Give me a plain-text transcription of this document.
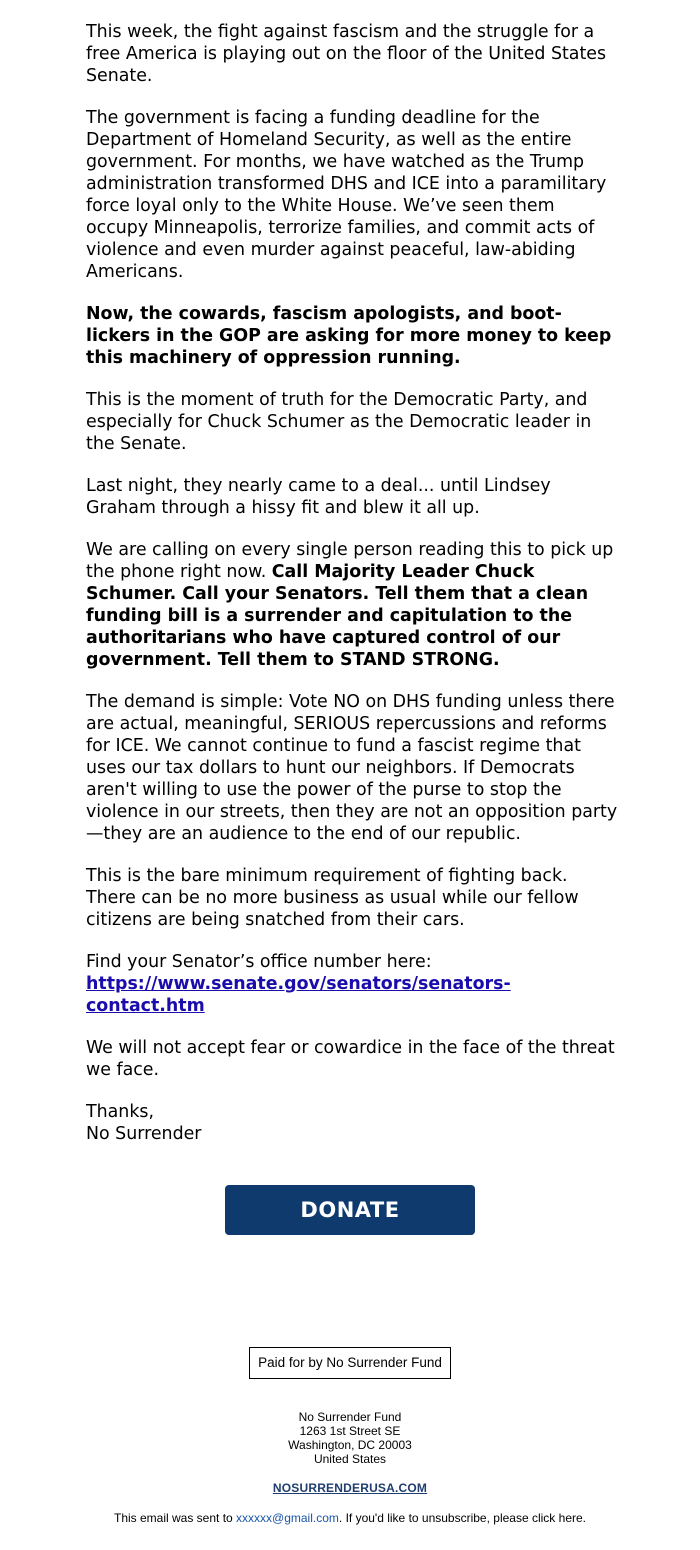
This week, the fight against fascism and the struggle for a free America is playing out on the floor of the United States Senate.

The government is facing a funding deadline for the Department of Homeland Security, as well as the entire government. For months, we have watched as the Trump administration transformed DHS and ICE into a paramilitary force loyal only to the White House. We’ve seen them occupy Minneapolis, terrorize families, and commit acts of violence and even murder against peaceful, law-abiding Americans.

Now, the cowards, fascism apologists, and boot-lickers in the GOP are asking for more money to keep this machinery of oppression running.

This is the moment of truth for the Democratic Party, and especially for Chuck Schumer as the Democratic leader in the Senate.

Last night, they nearly came to a deal... until Lindsey Graham through a hissy fit and blew it all up.

We are calling on every single person reading this to pick up the phone right now. Call Majority Leader Chuck Schumer. Call your Senators. Tell them that a clean funding bill is a surrender and capitulation to the authoritarians who have captured control of our government. Tell them to STAND STRONG.

The demand is simple: Vote NO on DHS funding unless there are actual, meaningful, SERIOUS repercussions and reforms for ICE. We cannot continue to fund a fascist regime that uses our tax dollars to hunt our neighbors. If Democrats aren't willing to use the power of the purse to stop the violence in our streets, then they are not an opposition party—they are an audience to the end of our republic.

This is the bare minimum requirement of fighting back. There can be no more business as usual while our fellow citizens are being snatched from their cars.

Find your Senator’s office number here:
https://www.senate.gov/senators/senators-contact.htm

We will not accept fear or cowardice in the face of the threat we face.

Thanks,
No Surrender

DONATE
Paid for by No Surrender Fund
No Surrender Fund
1263 1st Street SE
Washington, DC 20003
United States
NOSURRENDERUSA.COM
This email was sent to xxxxxx@gmail.com. If you'd like to unsubscribe, please click here.
